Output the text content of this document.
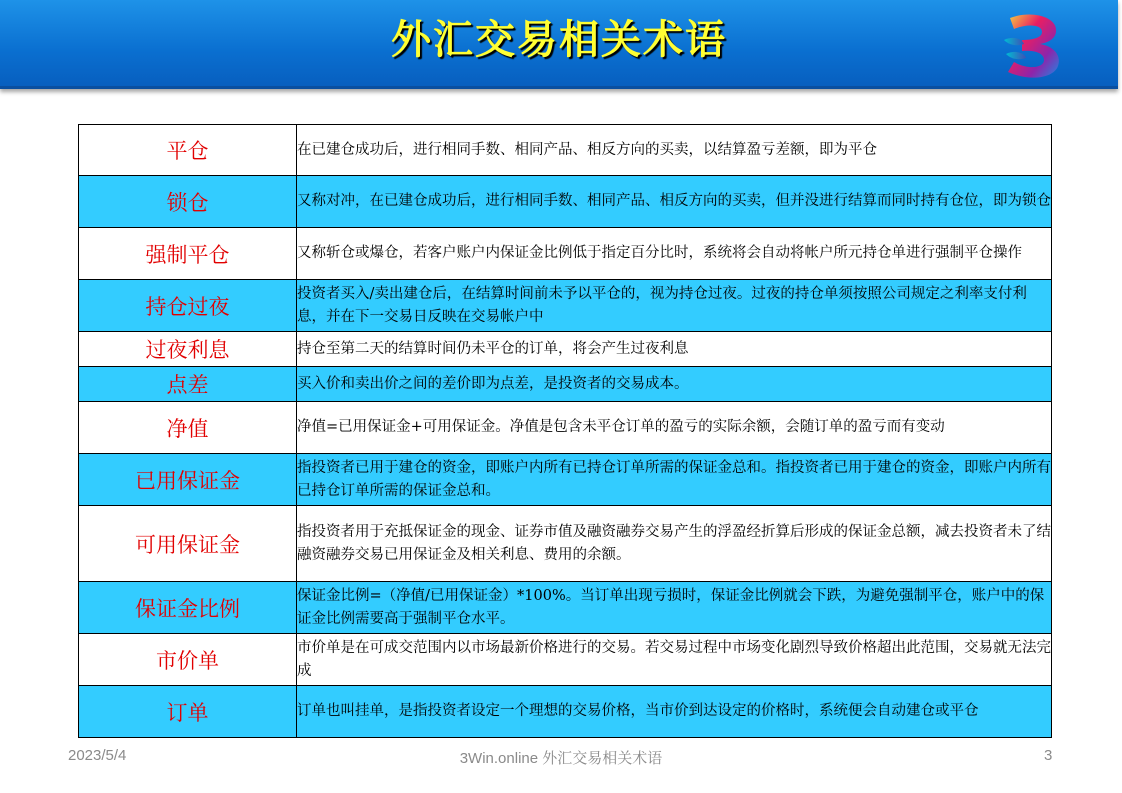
外汇交易相关术语
平仓	在已建仓成功后，进行相同手数、相同产品、相反方向的买卖，以结算盈亏差额，即为平仓
锁仓	又称对冲，在已建仓成功后，进行相同手数、相同产品、相反方向的买卖，但并没进行结算而同时持有仓位，即为锁仓
强制平仓	又称斩仓或爆仓，若客户账户内保证金比例低于指定百分比时，系统将会自动将帐户所元持仓单进行强制平仓操作
持仓过夜	投资者买入/卖出建仓后，在结算时间前未予以平仓的，视为持仓过夜。过夜的持仓单须按照公司规定之利率支付利息，并在下一交易日反映在交易帐户中
过夜利息	持仓至第二天的结算时间仍未平仓的订单，将会产生过夜利息
点差	买入价和卖出价之间的差价即为点差，是投资者的交易成本。
净值	净值=已用保证金+可用保证金。净值是包含未平仓订单的盈亏的实际余额，会随订单的盈亏而有变动
已用保证金	指投资者已用于建仓的资金，即账户内所有已持仓订单所需的保证金总和。指投资者已用于建仓的资金，即账户内所有已持仓订单所需的保证金总和。
可用保证金	指投资者用于充抵保证金的现金、证券市值及融资融券交易产生的浮盈经折算后形成的保证金总额，减去投资者未了结融资融券交易已用保证金及相关利息、费用的余额。
保证金比例	保证金比例=（净值/已用保证金）*100%。当订单出现亏损时，保证金比例就会下跌，为避免强制平仓，账户中的保证金比例需要高于强制平仓水平。
市价单	市价单是在可成交范围内以市场最新价格进行的交易。若交易过程中市场变化剧烈导致价格超出此范围，交易就无法完成
订单	订单也叫挂单，是指投资者设定一个理想的交易价格，当市价到达设定的价格时，系统便会自动建仓或平仓
2023/5/4	3Win.online 外汇交易相关术语	3
